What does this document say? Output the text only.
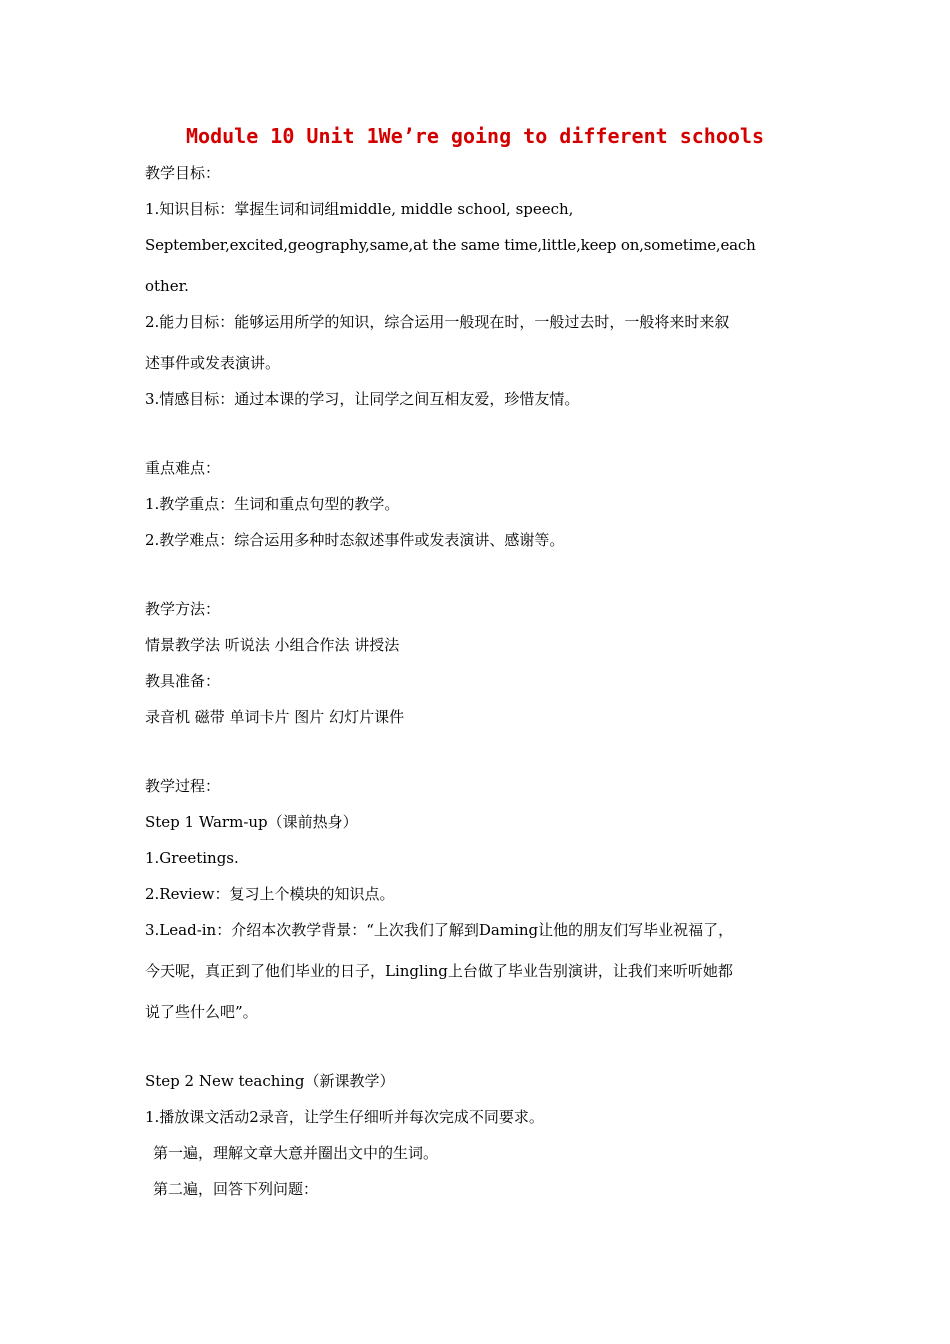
Module 10 Unit 1We’re going to different schools
教学目标：
1.知识目标：掌握生词和词组middle, middle school, speech,
September,excited,geography,same,at the same time,little,keep on,sometime,each
other.
2.能力目标：能够运用所学的知识，综合运用一般现在时，一般过去时，一般将来时来叙
述事件或发表演讲。
3.情感目标：通过本课的学习，让同学之间互相友爱，珍惜友情。
重点难点：
1.教学重点：生词和重点句型的教学。
2.教学难点：综合运用多种时态叙述事件或发表演讲、感谢等。
教学方法：
情景教学法 听说法 小组合作法 讲授法
教具准备：
录音机 磁带 单词卡片 图片 幻灯片课件
教学过程：
Step 1 Warm-up（课前热身）
1.Greetings.
2.Review：复习上个模块的知识点。
3.Lead-in：介绍本次教学背景：“上次我们了解到Daming让他的朋友们写毕业祝福了，
今天呢，真正到了他们毕业的日子，Lingling上台做了毕业告别演讲，让我们来听听她都
说了些什么吧”。
Step 2 New teaching（新课教学）
1.播放课文活动2录音，让学生仔细听并每次完成不同要求。
第一遍，理解文章大意并圈出文中的生词。
第二遍，回答下列问题：
